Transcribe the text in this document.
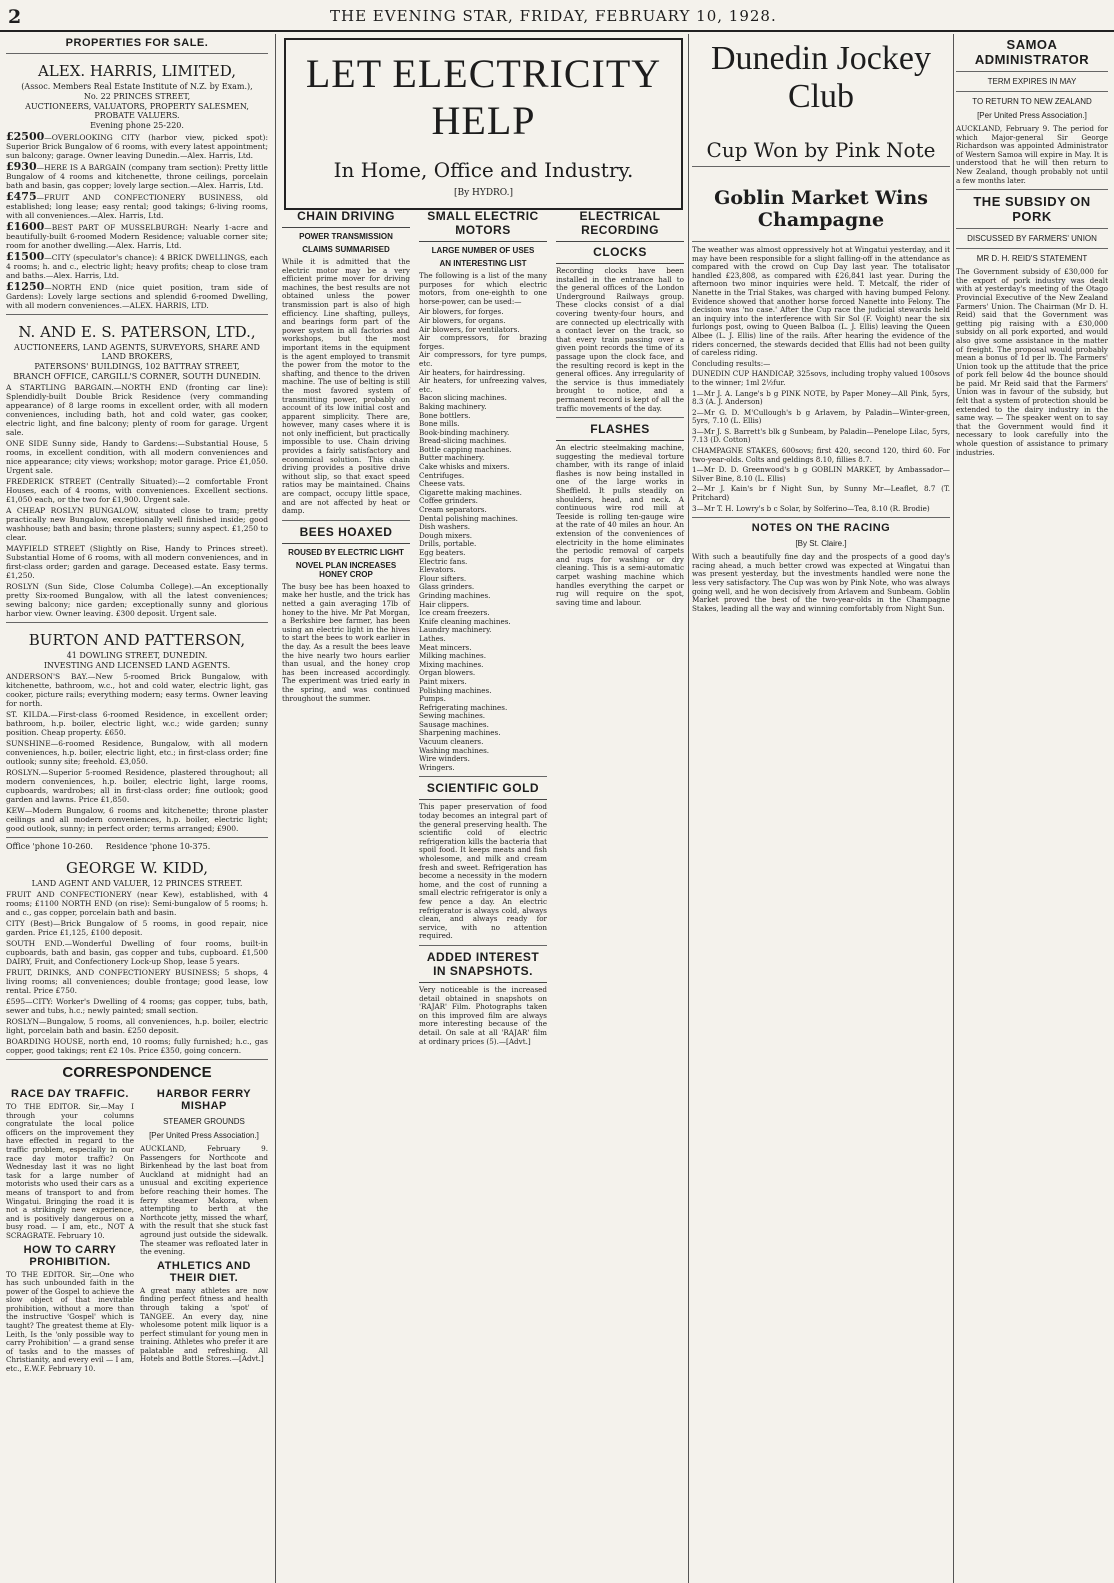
2	THE EVENING STAR, FRIDAY, FEBRUARY 10, 1928.
PROPERTIES FOR SALE.
ALEX. HARRIS, LIMITED,
(Assoc. Members Real Estate Institute of N.Z. by Exam.),
No. 22 PRINCES STREET,
AUCTIONEERS, VALUATORS, PROPERTY SALESMEN, PROBATE VALUERS.
Evening phone 25-220.

£2500—OVERLOOKING CITY (harbor view, picked spot): Superior Brick Bungalow of 6 rooms, with every latest appointment; sun balcony; garage. Owner leaving Dunedin.—Alex. Harris, Ltd.

£930—HERE IS A BARGAIN (company tram section): Pretty little Bungalow of 4 rooms and kitchenette, throne ceilings, porcelain bath and basin, gas copper; lovely large section.—Alex. Harris, Ltd.

£475—FRUIT AND CONFECTIONERY BUSINESS, old established; long lease; easy rental; good takings; 6-living rooms, with all conveniences.—Alex. Harris, Ltd.

£1600—BEST PART OF MUSSELBURGH: Nearly 1-acre and beautifully-built 6-roomed Modern Residence; valuable corner site; room for another dwelling.—Alex. Harris, Ltd.

£1500—CITY (speculator's chance): 4 BRICK DWELLINGS, each 4 rooms; h. and c., electric light; heavy profits; cheap to close tram and baths.—Alex. Harris, Ltd.

£1250—NORTH END (nice quiet position, tram side of Gardens): Lovely large sections and splendid 6-roomed Dwelling, with all modern conveniences.—ALEX. HARRIS, LTD.

N. AND E. S. PATERSON, LTD.,
AUCTIONEERS, LAND AGENTS, SURVEYORS, SHARE AND LAND BROKERS,
PATERSONS' BUILDINGS, 102 BATTRAY STREET,
BRANCH OFFICE, CARGILL'S CORNER, SOUTH DUNEDIN.

A STARTLING BARGAIN.—NORTH END (fronting car line): Splendidly-built Double Brick Residence (very commanding appearance) of 8 large rooms in excellent order, with all modern conveniences, including bath, hot and cold water, gas cooker, electric light, and fine balcony; plenty of room for garage. Urgent sale.

ONE SIDE Sunny side, Handy to Gardens:—Substantial House, 5 rooms, in excellent condition, with all modern conveniences and nice appearance; city views; workshop; motor garage. Price £1,050. Urgent sale.

FREDERICK STREET (Centrally Situated):—2 comfortable Front Houses, each of 4 rooms, with conveniences. Excellent sections. £1,050 each, or the two for £1,900. Urgent sale.

A CHEAP ROSLYN BUNGALOW, situated close to tram; pretty practically new Bungalow, exceptionally well finished inside; good washhouse; bath and basin; throne plasters; sunny aspect. £1,250 to clear.

MAYFIELD STREET (Slightly on Rise, Handy to Princes street). Substantial Home of 6 rooms, with all modern conveniences, and in first-class order; garden and garage. Deceased estate. Easy terms. £1,250.

ROSLYN (Sun Side, Close Columba College).—An exceptionally pretty Six-roomed Bungalow, with all the latest conveniences; sewing balcony; nice garden; exceptionally sunny and glorious harbor view. Owner leaving. £300 deposit. Urgent sale.

BURTON AND PATTERSON,
41 DOWLING STREET, DUNEDIN.
INVESTING AND LICENSED LAND AGENTS.

ANDERSON'S BAY.—New 5-roomed Brick Bungalow, with kitchenette, bathroom, w.c., hot and cold water, electric light, gas cooker, picture rails; everything modern; easy terms. Owner leaving for north.

ST. KILDA.—First-class 6-roomed Residence, in excellent order; bathroom, h.p. boiler, electric light, w.c.; wide garden; sunny position. Cheap property. £650.

SUNSHINE—6-roomed Residence, Bungalow, with all modern conveniences, h.p. boiler, electric light, etc.; in first-class order; fine outlook; sunny site; freehold. £3,050.

ROSLYN.—Superior 5-roomed Residence, plastered throughout; all modern conveniences, h.p. boiler, electric light, large rooms, cupboards, wardrobes; all in first-class order; fine outlook; good garden and lawns. Price £1,850.

KEW—Modern Bungalow, 6 rooms and kitchenette; throne plaster ceilings and all modern conveniences, h.p. boiler, electric light; good outlook, sunny; in perfect order; terms arranged; £900.

Office 'phone 10-260. Residence 'phone 10-375.
GEORGE W. KIDD,
LAND AGENT AND VALUER, 12 PRINCES STREET.

FRUIT AND CONFECTIONERY (near Kew), established, with 4 rooms; £1100 NORTH END (on rise): Semi-bungalow of 5 rooms; h. and c., gas copper, porcelain bath and basin.

CITY (Best)—Brick Bungalow of 5 rooms, in good repair, nice garden. Price £1,125, £100 deposit.

SOUTH END.—Wonderful Dwelling of four rooms, built-in cupboards, bath and basin, gas copper and tubs, cupboard. £1,500 DAIRY, Fruit, and Confectionery Lock-up Shop, lease 5 years.

FRUIT, DRINKS, AND CONFECTIONERY BUSINESS; 5 shops, 4 living rooms; all conveniences; double frontage; good lease, low rental. Price £750.

£595—CITY: Worker's Dwelling of 4 rooms; gas copper, tubs, bath, sewer and tubs, h.c.; newly painted; small section.

ROSLYN—Bungalow, 5 rooms, all conveniences, h.p. boiler, electric light, porcelain bath and basin. £250 deposit.

BOARDING HOUSE, north end, 10 rooms; fully furnished; h.c., gas copper, good takings; rent £2 10s. Price £350, going concern.

CORRESPONDENCE
RACE DAY TRAFFIC.

TO THE EDITOR. Sir,—May I through your columns congratulate the local police officers on the improvement they have effected in regard to the traffic problem, especially in our race day motor traffic? On Wednesday last it was no light task for a large number of motorists who used their cars as a means of transport to and from Wingatui. Bringing the road it is not a strikingly new experience, and is positively dangerous on a busy road. — I am, etc., NOT A SCRAGRATE. February 10.

HOW TO CARRY PROHIBITION.

TO THE EDITOR. Sir,—One who has such unbounded faith in the power of the Gospel to achieve the slow object of that inevitable prohibition, without a more than the instructive 'Gospel' which is taught? The greatest theme at Ely-Leith, Is the 'only possible way to carry Prohibition' — a grand sense of tasks and to the masses of Christianity, and every evil — I am, etc., E.W.F. February 10.

HARBOR FERRY MISHAP
STEAMER GROUNDS
[Per United Press Association.]

AUCKLAND, February 9. Passengers for Northcote and Birkenhead by the last boat from Auckland at midnight had an unusual and exciting experience before reaching their homes. The ferry steamer Makora, when attempting to berth at the Northcote jetty, missed the wharf, with the result that she stuck fast aground just outside the sidewalk. The steamer was refloated later in the evening.

ATHLETICS AND THEIR DIET.

A great many athletes are now finding perfect fitness and health through taking a 'spot' of TANGEE. An every day, nine wholesome potent milk liquor is a perfect stimulant for young men in training. Athletes who prefer it are palatable and refreshing. All Hotels and Bottle Stores.—[Advt.]

LET ELECTRICITY HELP
In Home, Office and Industry.
[By HYDRO.]
CHAIN DRIVING
POWER TRANSMISSION
CLAIMS SUMMARISED

While it is admitted that the electric motor may be a very efficient prime mover for driving machines, the best results are not obtained unless the power transmission part is also of high efficiency. Line shafting, pulleys, and bearings form part of the power system in all factories and workshops, but the most important items in the equipment is the agent employed to transmit the power from the motor to the shafting, and thence to the driven machine. The use of belting is still the most favored system of transmitting power, probably on account of its low initial cost and apparent simplicity. There are, however, many cases where it is not only inefficient, but practically impossible to use. Chain driving provides a fairly satisfactory and economical solution. This chain driving provides a positive drive without slip, so that exact speed ratios may be maintained. Chains are compact, occupy little space, and are not affected by heat or damp.

BEES HOAXED
ROUSED BY ELECTRIC LIGHT
NOVEL PLAN INCREASES HONEY CROP

The busy bee has been hoaxed to make her hustle, and the trick has netted a gain averaging 17lb of honey to the hive. Mr Pat Morgan, a Berkshire bee farmer, has been using an electric light in the hives to start the bees to work earlier in the day. As a result the bees leave the hive nearly two hours earlier than usual, and the honey crop has been increased accordingly. The experiment was tried early in the spring, and was continued throughout the summer.

SMALL ELECTRIC MOTORS
LARGE NUMBER OF USES
AN INTERESTING LIST

The following is a list of the many purposes for which electric motors, from one-eighth to one horse-power, can be used:—

Air blowers, for forges.
Air blowers, for organs.
Air blowers, for ventilators.
Air compressors, for brazing forges.
Air compressors, for tyre pumps, etc.
Air heaters, for hairdressing.
Air heaters, for unfreezing valves, etc.
Bacon slicing machines.
Baking machinery.
Bone bottlers.
Bone mills.
Book-binding machinery.
Bread-slicing machines.
Bottle capping machines.
Butter machinery.
Cake whisks and mixers.
Centrifuges.
Cheese vats.
Cigarette making machines.
Coffee grinders.
Cream separators.
Dental polishing machines.
Dish washers.
Dough mixers.
Drills, portable.
Egg beaters.
Electric fans.
Elevators.
Flour sifters.
Glass grinders.
Grinding machines.
Hair clippers.
Ice cream freezers.
Knife cleaning machines.
Laundry machinery.
Lathes.
Meat mincers.
Milking machines.
Mixing machines.
Organ blowers.
Paint mixers.
Polishing machines.
Pumps.
Refrigerating machines.
Sewing machines.
Sausage machines.
Sharpening machines.
Vacuum cleaners.
Washing machines.
Wire winders.
Wringers.
SCIENTIFIC GOLD

This paper preservation of food today becomes an integral part of the general preserving health. The scientific cold of electric refrigeration kills the bacteria that spoil food. It keeps meats and fish wholesome, and milk and cream fresh and sweet. Refrigeration has become a necessity in the modern home, and the cost of running a small electric refrigerator is only a few pence a day. An electric refrigerator is always cold, always clean, and always ready for service, with no attention required.

ADDED INTEREST IN SNAPSHOTS.

Very noticeable is the increased detail obtained in snapshots on 'RAJAR' Film. Photographs taken on this improved film are always more interesting because of the detail. On sale at all 'RAJAR' film at ordinary prices (5).—[Advt.]

ELECTRICAL RECORDING
CLOCKS

Recording clocks have been installed in the entrance hall to the general offices of the London Underground Railways group. These clocks consist of a dial covering twenty-four hours, and are connected up electrically with a contact lever on the track, so that every train passing over a given point records the time of its passage upon the clock face, and the resulting record is kept in the general offices. Any irregularity of the service is thus immediately brought to notice, and a permanent record is kept of all the traffic movements of the day.

FLASHES

An electric steelmaking machine, suggesting the medieval torture chamber, with its range of inlaid flashes is now being installed in one of the large works in Sheffield. It pulls steadily on shoulders, head, and neck. A continuous wire rod mill at Teeside is rolling ten-gauge wire at the rate of 40 miles an hour. An extension of the conveniences of electricity in the home eliminates the periodic removal of carpets and rugs for washing or dry cleaning. This is a semi-automatic carpet washing machine which handles everything the carpet or rug will require on the spot, saving time and labour.

Dunedin Jockey Club
Cup Won by Pink Note
Goblin Market Wins Champagne

The weather was almost oppressively hot at Wingatui yesterday, and it may have been responsible for a slight falling-off in the attendance as compared with the crowd on Cup Day last year. The totalisator handled £23,808, as compared with £26,841 last year. During the afternoon two minor inquiries were held. T. Metcalf, the rider of Nanette in the Trial Stakes, was charged with having bumped Felony. Evidence showed that another horse forced Nanette into Felony. The decision was 'no case.' After the Cup race the judicial stewards held an inquiry into the interference with Sir Sol (F. Voight) near the six furlongs post, owing to Queen Balboa (L. J. Ellis) leaving the Queen Albee (L. J. Ellis) line of the rails. After hearing the evidence of the riders concerned, the stewards decided that Ellis had not been guilty of careless riding.

Concluding results:—

DUNEDIN CUP HANDICAP, 325sovs, including trophy valued 100sovs to the winner; 1ml 2½fur.

1—Mr J. A. Lange's b g PINK NOTE, by Paper Money—All Pink, 5yrs, 8.3 (A. J. Anderson)

2—Mr G. D. M'Cullough's b g Arlavem, by Paladin—Winter-green, 5yrs, 7.10 (L. Ellis)

3—Mr J. S. Barrett's blk g Sunbeam, by Paladin—Penelope Lilac, 5yrs, 7.13 (D. Cotton)

CHAMPAGNE STAKES, 600sovs; first 420, second 120, third 60. For two-year-olds. Colts and geldings 8.10, fillies 8.7.

1—Mr D. D. Greenwood's b g GOBLIN MARKET, by Ambassador—Silver Bine, 8.10 (L. Ellis)

2—Mr J. Kain's br f Night Sun, by Sunny Mr—Leaflet, 8.7 (T. Pritchard)

3—Mr T. H. Lowry's b c Solar, by Solferino—Tea, 8.10 (R. Brodie)

NOTES ON THE RACING
[By St. Claire.]

With such a beautifully fine day and the prospects of a good day's racing ahead, a much better crowd was expected at Wingatui than was present yesterday, but the investments handled were none the less very satisfactory. The Cup was won by Pink Note, who was always going well, and he won decisively from Arlavem and Sunbeam. Goblin Market proved the best of the two-year-olds in the Champagne Stakes, leading all the way and winning comfortably from Night Sun.

SAMOA ADMINISTRATOR
TERM EXPIRES IN MAY
TO RETURN TO NEW ZEALAND
[Per United Press Association.]

AUCKLAND, February 9. The period for which Major-general Sir George Richardson was appointed Administrator of Western Samoa will expire in May. It is understood that he will then return to New Zealand, though probably not until a few months later.

THE SUBSIDY ON PORK
DISCUSSED BY FARMERS' UNION
MR D. H. REID'S STATEMENT

The Government subsidy of £30,000 for the export of pork industry was dealt with at yesterday's meeting of the Otago Provincial Executive of the New Zealand Farmers' Union. The Chairman (Mr D. H. Reid) said that the Government was getting pig raising with a £30,000 subsidy on all pork exported, and would also give some assistance in the matter of freight. The proposal would probably mean a bonus of 1d per lb. The Farmers' Union took up the attitude that the price of pork fell below 4d the bounce should be paid. Mr Reid said that the Farmers' Union was in favour of the subsidy, but felt that a system of protection should be extended to the dairy industry in the same way. — The speaker went on to say that the Government would find it necessary to look carefully into the whole question of assistance to primary industries.
